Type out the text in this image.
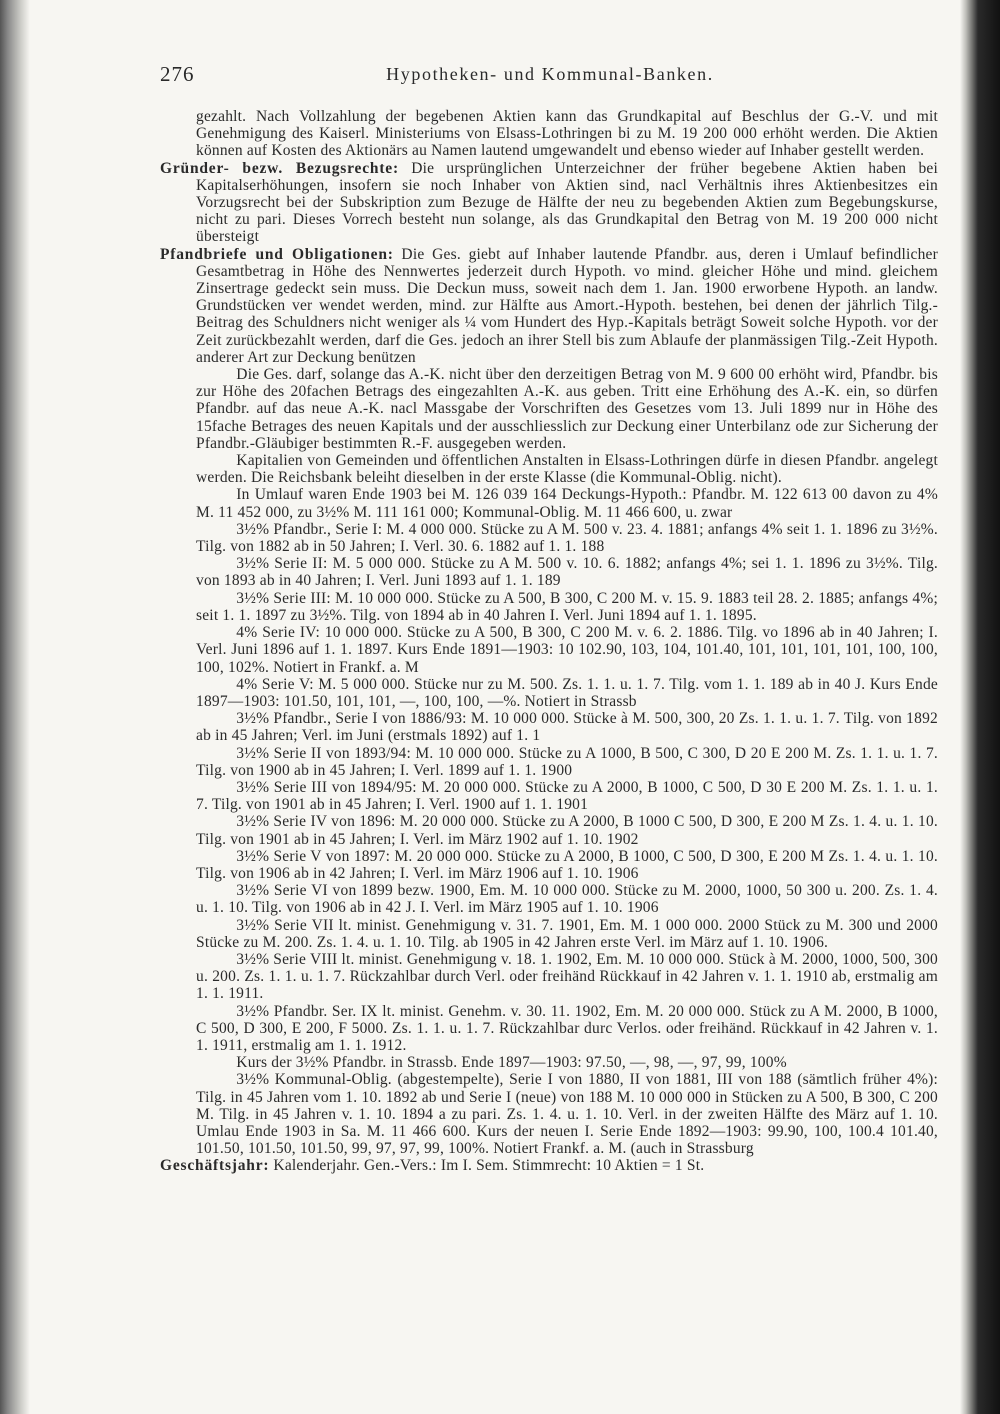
276	Hypotheken- und Kommunal-Banken.

gezahlt. Nach Vollzahlung der begebenen Aktien kann das Grundkapital auf Beschlus der G.-V. und mit Genehmigung des Kaiserl. Ministeriums von Elsass-Lothringen bi zu M. 19 200 000 erhöht werden. Die Aktien können auf Kosten des Aktionärs au Namen lautend umgewandelt und ebenso wieder auf Inhaber gestellt werden.

Gründer- bezw. Bezugsrechte: Die ursprünglichen Unterzeichner der früher begebene Aktien haben bei Kapitalserhöhungen, insofern sie noch Inhaber von Aktien sind, nacl Verhältnis ihres Aktienbesitzes ein Vorzugsrecht bei der Subskription zum Bezuge de Hälfte der neu zu begebenden Aktien zum Begebungskurse, nicht zu pari. Dieses Vorrech besteht nun solange, als das Grundkapital den Betrag von M. 19 200 000 nicht übersteigt

Pfandbriefe und Obligationen: Die Ges. giebt auf Inhaber lautende Pfandbr. aus, deren i Umlauf befindlicher Gesamtbetrag in Höhe des Nennwertes jederzeit durch Hypoth. vo mind. gleicher Höhe und mind. gleichem Zinsertrage gedeckt sein muss. Die Deckun muss, soweit nach dem 1. Jan. 1900 erworbene Hypoth. an landw. Grundstücken ver wendet werden, mind. zur Hälfte aus Amort.-Hypoth. bestehen, bei denen der jährlich Tilg.-Beitrag des Schuldners nicht weniger als ¼ vom Hundert des Hyp.-Kapitals beträgt Soweit solche Hypoth. vor der Zeit zurückbezahlt werden, darf die Ges. jedoch an ihrer Stell bis zum Ablaufe der planmässigen Tilg.-Zeit Hypoth. anderer Art zur Deckung benützen

Die Ges. darf, solange das A.-K. nicht über den derzeitigen Betrag von M. 9 600 00 erhöht wird, Pfandbr. bis zur Höhe des 20fachen Betrags des eingezahlten A.-K. aus geben. Tritt eine Erhöhung des A.-K. ein, so dürfen Pfandbr. auf das neue A.-K. nacl Massgabe der Vorschriften des Gesetzes vom 13. Juli 1899 nur in Höhe des 15fache Betrages des neuen Kapitals und der ausschliesslich zur Deckung einer Unterbilanz ode zur Sicherung der Pfandbr.-Gläubiger bestimmten R.-F. ausgegeben werden.

Kapitalien von Gemeinden und öffentlichen Anstalten in Elsass-Lothringen dürfe in diesen Pfandbr. angelegt werden. Die Reichsbank beleiht dieselben in der erste Klasse (die Kommunal-Oblig. nicht).

In Umlauf waren Ende 1903 bei M. 126 039 164 Deckungs-Hypoth.: Pfandbr. M. 122 613 00 davon zu 4% M. 11 452 000, zu 3½% M. 111 161 000; Kommunal-Oblig. M. 11 466 600, u. zwar

3½% Pfandbr., Serie I: M. 4 000 000. Stücke zu A M. 500 v. 23. 4. 1881; anfangs 4% seit 1. 1. 1896 zu 3½%. Tilg. von 1882 ab in 50 Jahren; I. Verl. 30. 6. 1882 auf 1. 1. 188

3½% Serie II: M. 5 000 000. Stücke zu A M. 500 v. 10. 6. 1882; anfangs 4%; sei 1. 1. 1896 zu 3½%. Tilg. von 1893 ab in 40 Jahren; I. Verl. Juni 1893 auf 1. 1. 189

3½% Serie III: M. 10 000 000. Stücke zu A 500, B 300, C 200 M. v. 15. 9. 1883 teil 28. 2. 1885; anfangs 4%; seit 1. 1. 1897 zu 3½%. Tilg. von 1894 ab in 40 Jahren I. Verl. Juni 1894 auf 1. 1. 1895.

4% Serie IV: 10 000 000. Stücke zu A 500, B 300, C 200 M. v. 6. 2. 1886. Tilg. vo 1896 ab in 40 Jahren; I. Verl. Juni 1896 auf 1. 1. 1897. Kurs Ende 1891—1903: 10 102.90, 103, 104, 101.40, 101, 101, 101, 101, 100, 100, 100, 102%. Notiert in Frankf. a. M

4% Serie V: M. 5 000 000. Stücke nur zu M. 500. Zs. 1. 1. u. 1. 7. Tilg. vom 1. 1. 189 ab in 40 J. Kurs Ende 1897—1903: 101.50, 101, 101, —, 100, 100, —%. Notiert in Strassb

3½% Pfandbr., Serie I von 1886/93: M. 10 000 000. Stücke à M. 500, 300, 20 Zs. 1. 1. u. 1. 7. Tilg. von 1892 ab in 45 Jahren; Verl. im Juni (erstmals 1892) auf 1. 1

3½% Serie II von 1893/94: M. 10 000 000. Stücke zu A 1000, B 500, C 300, D 20 E 200 M. Zs. 1. 1. u. 1. 7. Tilg. von 1900 ab in 45 Jahren; I. Verl. 1899 auf 1. 1. 1900

3½% Serie III von 1894/95: M. 20 000 000. Stücke zu A 2000, B 1000, C 500, D 30 E 200 M. Zs. 1. 1. u. 1. 7. Tilg. von 1901 ab in 45 Jahren; I. Verl. 1900 auf 1. 1. 1901

3½% Serie IV von 1896: M. 20 000 000. Stücke zu A 2000, B 1000 C 500, D 300, E 200 M Zs. 1. 4. u. 1. 10. Tilg. von 1901 ab in 45 Jahren; I. Verl. im März 1902 auf 1. 10. 1902

3½% Serie V von 1897: M. 20 000 000. Stücke zu A 2000, B 1000, C 500, D 300, E 200 M Zs. 1. 4. u. 1. 10. Tilg. von 1906 ab in 42 Jahren; I. Verl. im März 1906 auf 1. 10. 1906

3½% Serie VI von 1899 bezw. 1900, Em. M. 10 000 000. Stücke zu M. 2000, 1000, 50 300 u. 200. Zs. 1. 4. u. 1. 10. Tilg. von 1906 ab in 42 J. I. Verl. im März 1905 auf 1. 10. 1906

3½% Serie VII lt. minist. Genehmigung v. 31. 7. 1901, Em. M. 1 000 000. 2000 Stück zu M. 300 und 2000 Stücke zu M. 200. Zs. 1. 4. u. 1. 10. Tilg. ab 1905 in 42 Jahren erste Verl. im März auf 1. 10. 1906.

3½% Serie VIII lt. minist. Genehmigung v. 18. 1. 1902, Em. M. 10 000 000. Stück à M. 2000, 1000, 500, 300 u. 200. Zs. 1. 1. u. 1. 7. Rückzahlbar durch Verl. oder freihänd Rückkauf in 42 Jahren v. 1. 1. 1910 ab, erstmalig am 1. 1. 1911.

3½% Pfandbr. Ser. IX lt. minist. Genehm. v. 30. 11. 1902, Em. M. 20 000 000. Stück zu A M. 2000, B 1000, C 500, D 300, E 200, F 5000. Zs. 1. 1. u. 1. 7. Rückzahlbar durc Verlos. oder freihänd. Rückkauf in 42 Jahren v. 1. 1. 1911, erstmalig am 1. 1. 1912.

Kurs der 3½% Pfandbr. in Strassb. Ende 1897—1903: 97.50, —, 98, —, 97, 99, 100%

3½% Kommunal-Oblig. (abgestempelte), Serie I von 1880, II von 1881, III von 188 (sämtlich früher 4%): Tilg. in 45 Jahren vom 1. 10. 1892 ab und Serie I (neue) von 188 M. 10 000 000 in Stücken zu A 500, B 300, C 200 M. Tilg. in 45 Jahren v. 1. 10. 1894 a zu pari. Zs. 1. 4. u. 1. 10. Verl. in der zweiten Hälfte des März auf 1. 10. Umlau Ende 1903 in Sa. M. 11 466 600. Kurs der neuen I. Serie Ende 1892—1903: 99.90, 100, 100.4 101.40, 101.50, 101.50, 101.50, 99, 97, 97, 99, 100%. Notiert Frankf. a. M. (auch in Strassburg

Geschäftsjahr: Kalenderjahr. Gen.-Vers.: Im I. Sem. Stimmrecht: 10 Aktien = 1 St.
